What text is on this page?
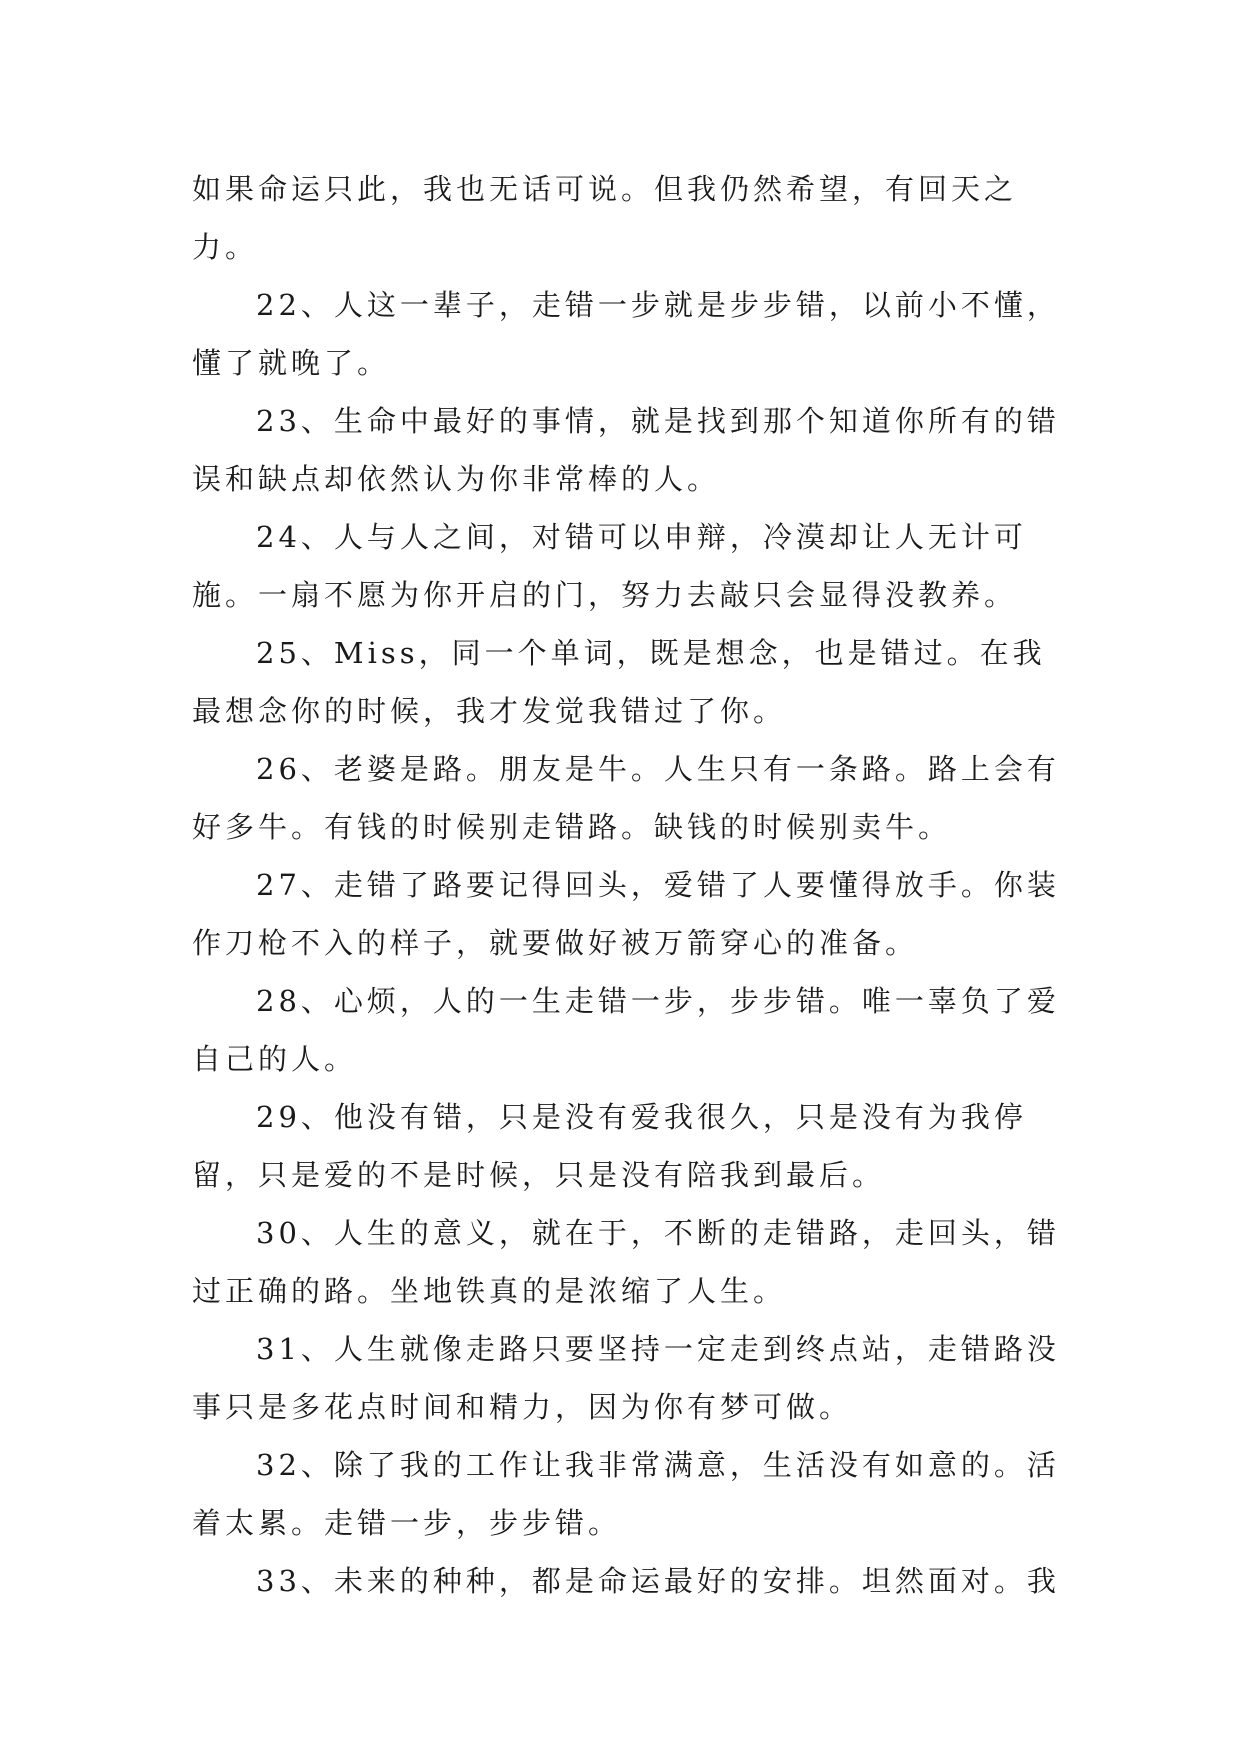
如果命运只此，我也无话可说。但我仍然希望，有回天之力。

22、人这一辈子，走错一步就是步步错，以前小不懂，懂了就晚了。

23、生命中最好的事情，就是找到那个知道你所有的错误和缺点却依然认为你非常棒的人。

24、人与人之间，对错可以申辩，冷漠却让人无计可施。一扇不愿为你开启的门，努力去敲只会显得没教养。

25、Miss，同一个单词，既是想念，也是错过。在我最想念你的时候，我才发觉我错过了你。

26、老婆是路。朋友是牛。人生只有一条路。路上会有好多牛。有钱的时候别走错路。缺钱的时候别卖牛。

27、走错了路要记得回头，爱错了人要懂得放手。你装作刀枪不入的样子，就要做好被万箭穿心的准备。

28、心烦，人的一生走错一步，步步错。唯一辜负了爱自己的人。

29、他没有错，只是没有爱我很久，只是没有为我停留，只是爱的不是时候，只是没有陪我到最后。

30、人生的意义，就在于，不断的走错路，走回头，错过正确的路。坐地铁真的是浓缩了人生。

31、人生就像走路只要坚持一定走到终点站，走错路没事只是多花点时间和精力，因为你有梦可做。

32、除了我的工作让我非常满意，生活没有如意的。活着太累。走错一步，步步错。

33、未来的种种，都是命运最好的安排。坦然面对。我
